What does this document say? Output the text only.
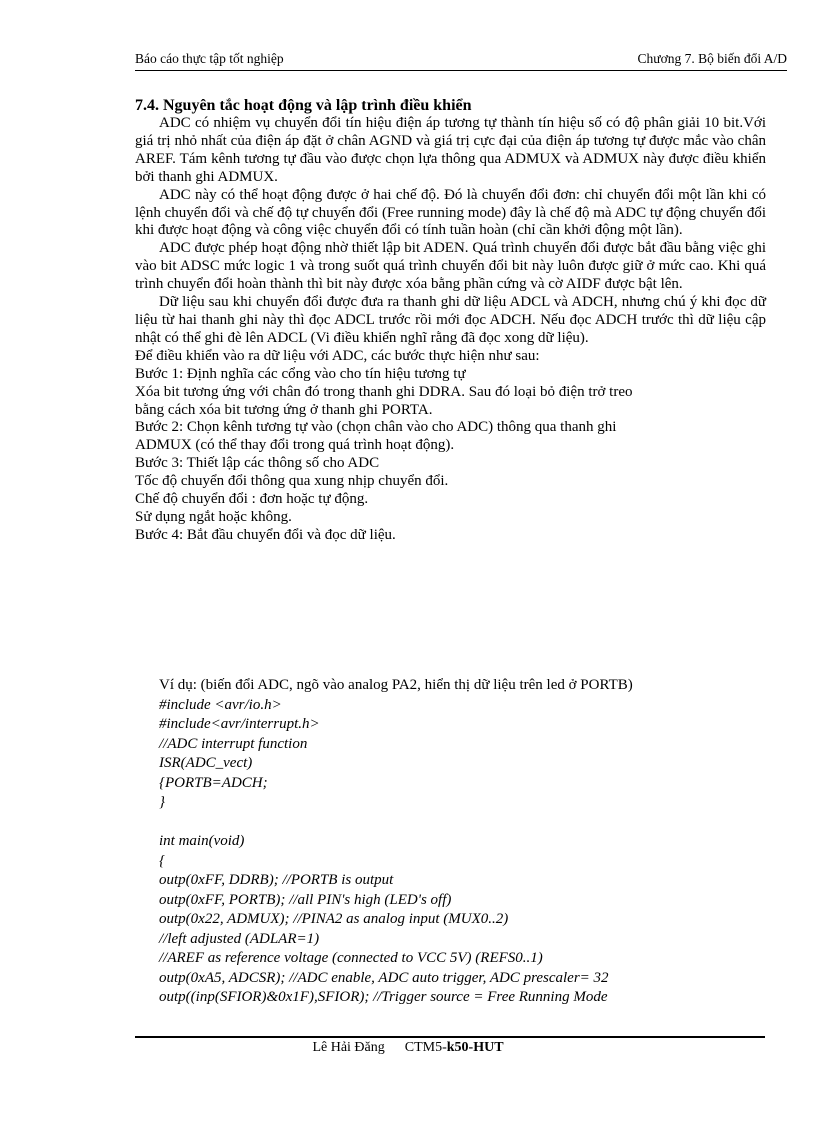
Báo cáo thực tập tốt nghiệp	Chương 7. Bộ biến đổi A/D

7.4. Nguyên tắc hoạt động và lập trình điều khiển

ADC có nhiệm vụ chuyển đổi tín hiệu điện áp tương tự thành tín hiệu số có độ phân giải 10 bit.Với giá trị nhỏ nhất của điện áp đặt ở chân AGND và giá trị cực đại của điện áp tương tự được mắc vào chân AREF. Tám kênh tương tự đầu vào được chọn lựa thông qua ADMUX và ADMUX này được điều khiển bởi thanh ghi ADMUX.

ADC này có thể hoạt động được ở hai chế độ. Đó là chuyển đổi đơn: chỉ chuyển đổi một lần khi có lệnh chuyển đổi và chế độ tự chuyển đổi (Free running mode) đây là chế độ mà ADC tự động chuyển đổi khi được hoạt động và công việc chuyển đổi có tính tuần hoàn (chỉ cần khởi động một lần).

ADC được phép hoạt động nhờ thiết lập bit ADEN. Quá trình chuyển đổi được bắt đầu bằng việc ghi vào bit ADSC mức logic 1 và trong suốt quá trình chuyển đổi bit này luôn được giữ ở mức cao. Khi quá trình chuyển đổi hoàn thành thì bit này được xóa bằng phần cứng và cờ AIDF được bật lên.

Dữ liệu sau khi chuyển đổi được đưa ra thanh ghi dữ liệu ADCL và ADCH, nhưng chú ý khi đọc dữ liệu từ hai thanh ghi này thì đọc ADCL trước rồi mới đọc ADCH. Nếu đọc ADCH trước thì dữ liệu cập nhật có thể ghi đè lên ADCL (Vi điều khiển nghĩ rằng đã đọc xong dữ liệu).

Để điều khiển vào ra dữ liệu với ADC, các bước thực hiện như sau:

Bước 1: Định nghĩa các cổng vào cho tín hiệu tương tự

Xóa bit tương ứng với chân đó trong thanh ghi DDRA. Sau đó loại bỏ điện trở treo

bằng cách xóa bit tương ứng ở thanh ghi PORTA.

Bước 2: Chọn kênh tương tự vào (chọn chân vào cho ADC) thông qua thanh ghi

ADMUX (có thể thay đổi trong quá trình hoạt động).

Bước 3: Thiết lập các thông số cho ADC

Tốc độ chuyển đổi thông qua xung nhịp chuyển đổi.

Chế độ chuyển đổi : đơn hoặc tự động.

Sử dụng ngắt hoặc không.

Bước 4: Bắt đầu chuyển đổi và đọc dữ liệu.

Ví dụ: (biến đổi ADC, ngõ vào analog PA2, hiển thị dữ liệu trên led ở PORTB)

#include <avr/io.h>

#include<avr/interrupt.h>

//ADC interrupt function

ISR(ADC_vect)

{PORTB=ADCH;

}

int main(void)

{

outp(0xFF, DDRB); //PORTB is output

outp(0xFF, PORTB); //all PIN's high (LED's off)

outp(0x22, ADMUX); //PINA2 as analog input (MUX0..2)

//left adjusted (ADLAR=1)

//AREF as reference voltage (connected to VCC 5V) (REFS0..1)

outp(0xA5, ADCSR); //ADC enable, ADC auto trigger, ADC prescaler= 32

outp((inp(SFIOR)&0x1F),SFIOR); //Trigger source = Free Running Mode

Lê Hải Đăng CTM5-k50-HUT
